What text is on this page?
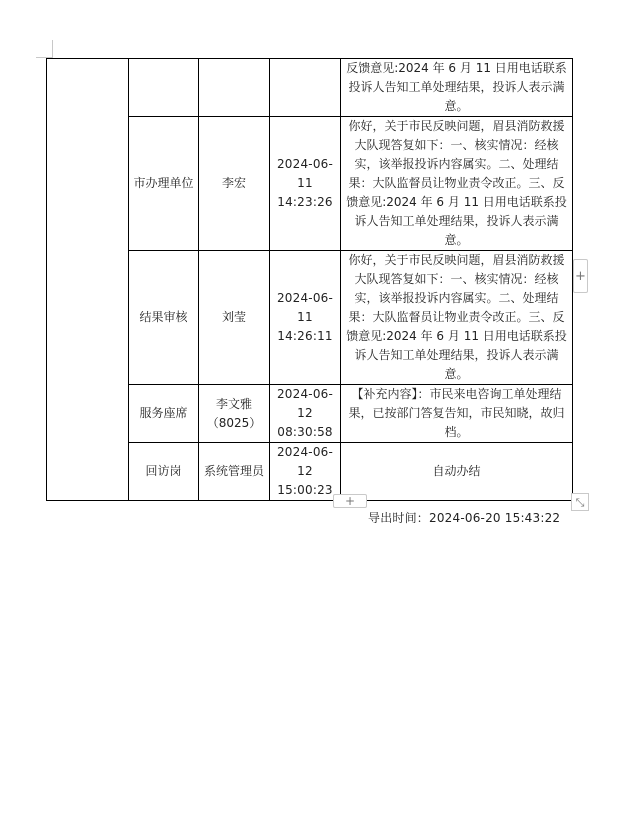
				反馈意见:2024 年 6 月 11 日用电话联系投诉人告知工单处理结果，投诉人表示满意。
	市办理单位	李宏	2024-06-11 14:23:26	你好，关于市民反映问题，眉县消防救援大队现答复如下：一、核实情况：经核实，该举报投诉内容属实。二、处理结果：大队监督员让物业责令改正。三、反馈意见:2024 年 6 月 11 日用电话联系投诉人告知工单处理结果，投诉人表示满意。
	结果审核	刘莹	2024-06-11 14:26:11	你好，关于市民反映问题，眉县消防救援大队现答复如下：一、核实情况：经核实，该举报投诉内容属实。二、处理结果：大队监督员让物业责令改正。三、反馈意见:2024 年 6 月 11 日用电话联系投诉人告知工单处理结果，投诉人表示满意。
	服务座席	李文雅（8025）	2024-06-12 08:30:58	【补充内容】：市民来电咨询工单处理结果，已按部门答复告知，市民知晓，故归档。
	回访岗	系统管理员	2024-06-12 15:00:23	自动办结
+
+	⤡
导出时间：2024-06-20 15:43:22
